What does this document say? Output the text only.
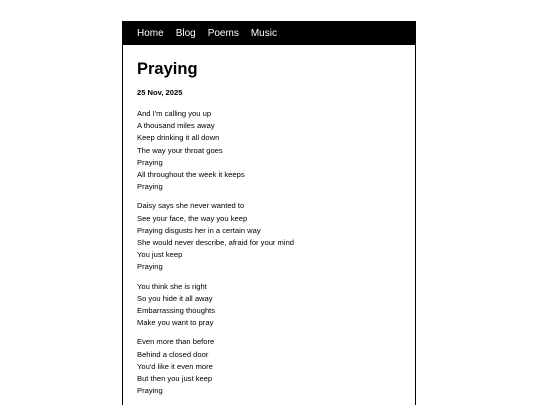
Home Blog Poems Music
Praying
25 Nov, 2025
And I'm calling you up
A thousand miles away
Keep drinking it all down
The way your throat goes
Praying
All throughout the week it keeps
Praying
Daisy says she never wanted to
See your face, the way you keep
Praying disgusts her in a certain way
She would never describe, afraid for your mind
You just keep
Praying
You think she is right
So you hide it all away
Embarrassing thoughts
Make you want to pray
Even more than before
Behind a closed door
You'd like it even more
But then you just keep
Praying
